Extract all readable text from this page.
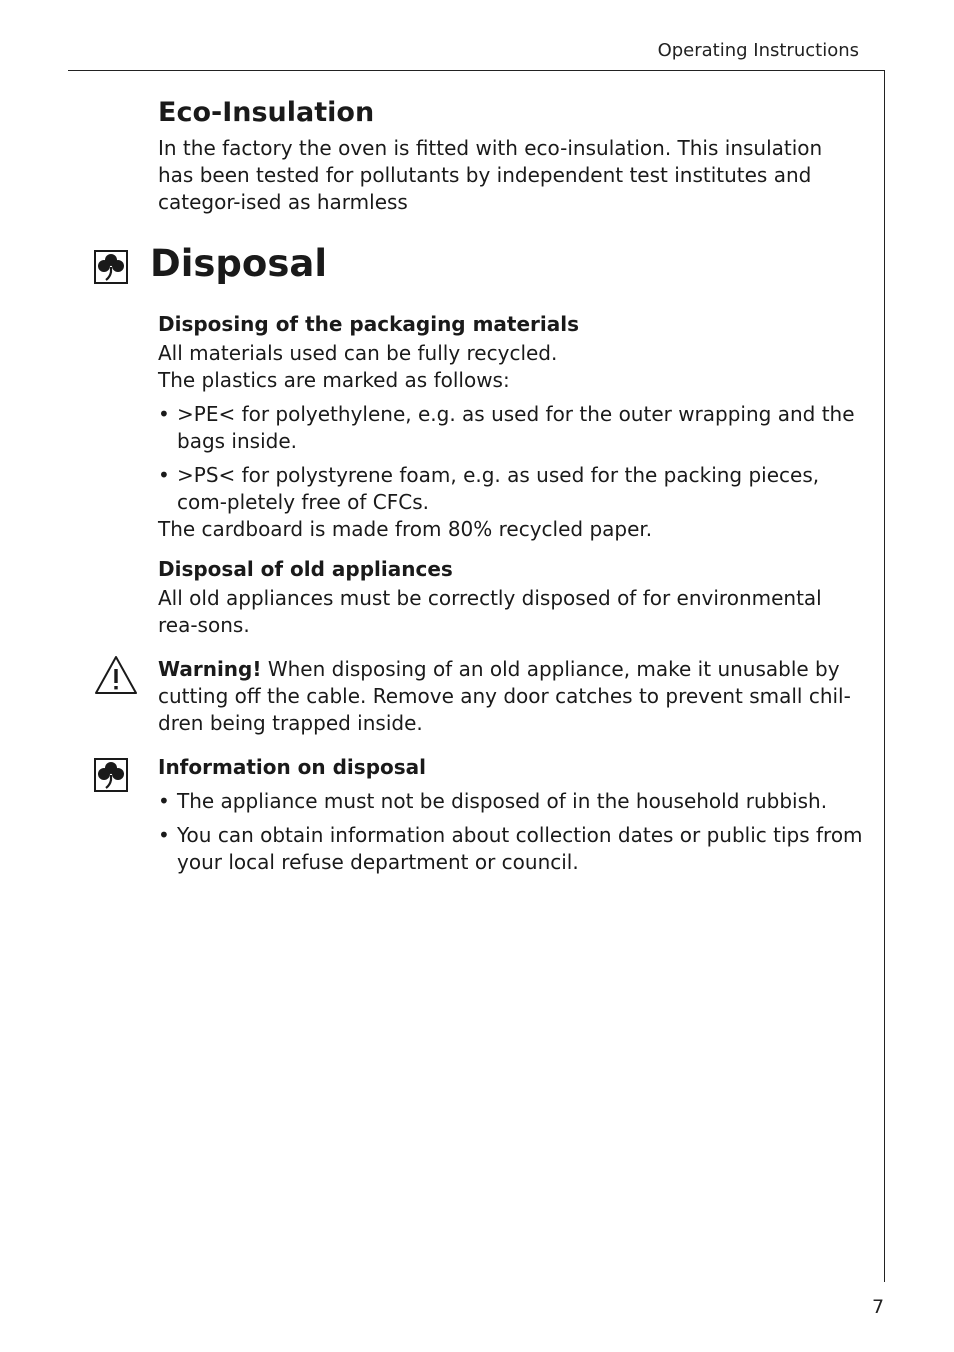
Operating Instructions
Eco-Insulation

In the factory the oven is fitted with eco-insulation. This insulation has been tested for pollutants by independent test institutes and categor-ised as harmless

Disposal

Disposing of the packaging materials

All materials used can be fully recycled.

The plastics are marked as follows:

• >PE< for polyethylene, e.g. as used for the outer wrapping and the bags inside.
• >PS< for polystyrene foam, e.g. as used for the packing pieces, com-pletely free of CFCs.

The cardboard is made from 80% recycled paper.

Disposal of old appliances

All old appliances must be correctly disposed of for environmental rea-sons.

Warning! When disposing of an old appliance, make it unusable by cutting off the cable. Remove any door catches to prevent small chil-dren being trapped inside.

Information on disposal

• The appliance must not be disposed of in the household rubbish.
• You can obtain information about collection dates or public tips from your local refuse department or council.
7
